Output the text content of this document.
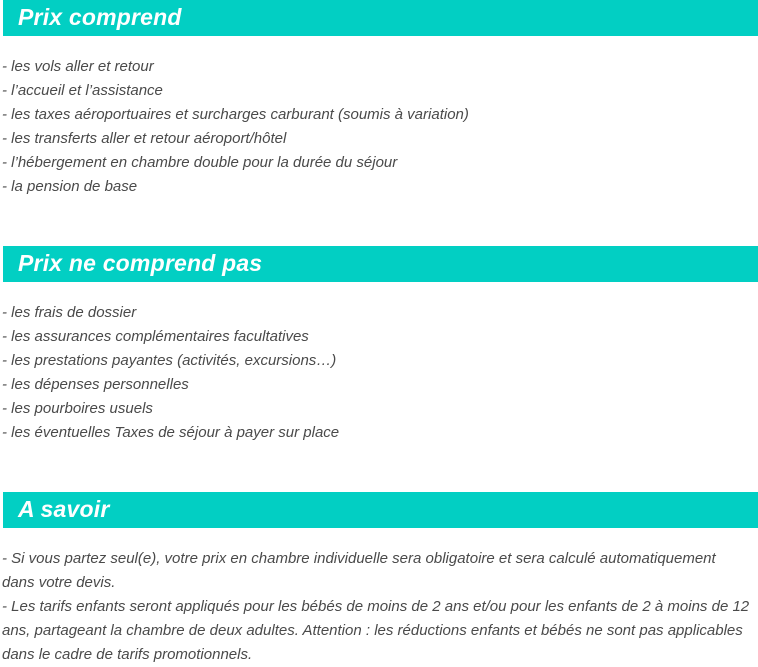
Prix comprend
- les vols aller et retour
- l’accueil et l’assistance
- les taxes aéroportuaires et surcharges carburant (soumis à variation)
- les transferts aller et retour aéroport/hôtel
- l’hébergement en chambre double pour la durée du séjour
- la pension de base
Prix ne comprend pas
- les frais de dossier
- les assurances complémentaires facultatives
- les prestations payantes (activités, excursions…)
- les dépenses personnelles
- les pourboires usuels
- les éventuelles Taxes de séjour à payer sur place
A savoir
- Si vous partez seul(e), votre prix en chambre individuelle sera obligatoire et sera calculé automatiquement dans votre devis.
- Les tarifs enfants seront appliqués pour les bébés de moins de 2 ans et/ou pour les enfants de 2 à moins de 12 ans, partageant la chambre de deux adultes. Attention : les réductions enfants et bébés ne sont pas applicables dans le cadre de tarifs promotionnels.
